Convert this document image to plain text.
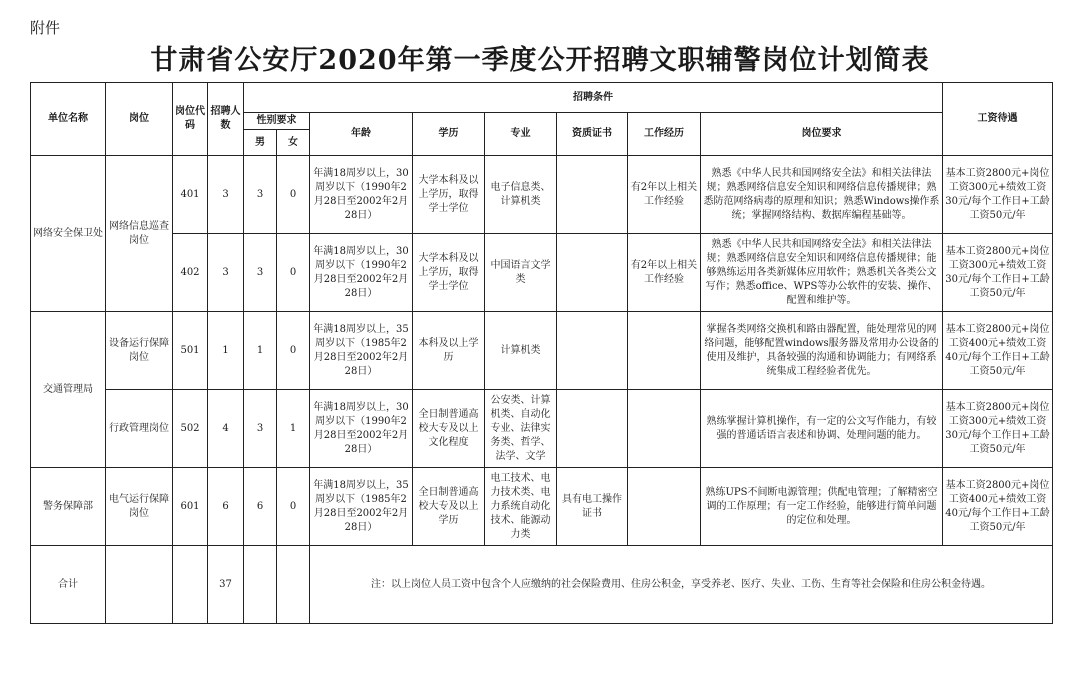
附件
甘肃省公安厅2020年第一季度公开招聘文职辅警岗位计划简表
单位名称	岗位	岗位代码	招聘人数	招聘条件								工资待遇
				性别要求		年龄	学历	专业	资质证书	工作经历	岗位要求	
				男	女							
网络安全保卫处	网络信息巡查岗位	401	3	3	0	年满18周岁以上，30周岁以下（1990年2月28日至2002年2月28日）	大学本科及以上学历，取得学士学位	电子信息类、计算机类		有2年以上相关工作经验	熟悉《中华人民共和国网络安全法》和相关法律法规；熟悉网络信息安全知识和网络信息传播规律；熟悉防范网络病毒的原理和知识；熟悉Windows操作系统；掌握网络结构、数据库编程基础等。	基本工资2800元+岗位工资300元+绩效工资30元/每个工作日+工龄工资50元/年
		402	3	3	0	年满18周岁以上，30周岁以下（1990年2月28日至2002年2月28日）	大学本科及以上学历，取得学士学位	中国语言文学类		有2年以上相关工作经验	熟悉《中华人民共和国网络安全法》和相关法律法规；熟悉网络信息安全知识和网络信息传播规律；能够熟练运用各类新媒体应用软件；熟悉机关各类公文写作；熟悉office、WPS等办公软件的安装、操作、配置和维护等。	基本工资2800元+岗位工资300元+绩效工资30元/每个工作日+工龄工资50元/年
交通管理局	设备运行保障岗位	501	1	1	0	年满18周岁以上，35周岁以下（1985年2月28日至2002年2月28日）	本科及以上学历	计算机类			掌握各类网络交换机和路由器配置，能处理常见的网络问题，能够配置windows服务器及常用办公设备的使用及维护，具备较强的沟通和协调能力；有网络系统集成工程经验者优先。	基本工资2800元+岗位工资400元+绩效工资40元/每个工作日+工龄工资50元/年
	行政管理岗位	502	4	3	1	年满18周岁以上，30周岁以下（1990年2月28日至2002年2月28日）	全日制普通高校大专及以上文化程度	公安类、计算机类、自动化专业、法律实务类、哲学、法学、文学			熟练掌握计算机操作，有一定的公文写作能力，有较强的普通话语言表述和协调、处理问题的能力。	基本工资2800元+岗位工资300元+绩效工资30元/每个工作日+工龄工资50元/年
警务保障部	电气运行保障岗位	601	6	6	0	年满18周岁以上，35周岁以下（1985年2月28日至2002年2月28日）	全日制普通高校大专及以上学历	电工技术、电力技术类、电力系统自动化技术、能源动力类	具有电工操作证书		熟练UPS不间断电源管理；供配电管理；了解精密空调的工作原理；有一定工作经验，能够进行简单问题的定位和处理。	基本工资2800元+岗位工资400元+绩效工资40元/每个工作日+工龄工资50元/年
合计			37			注：以上岗位人员工资中包含个人应缴纳的社会保险费用、住房公积金，享受养老、医疗、失业、工伤、生育等社会保险和住房公积金待遇。						
